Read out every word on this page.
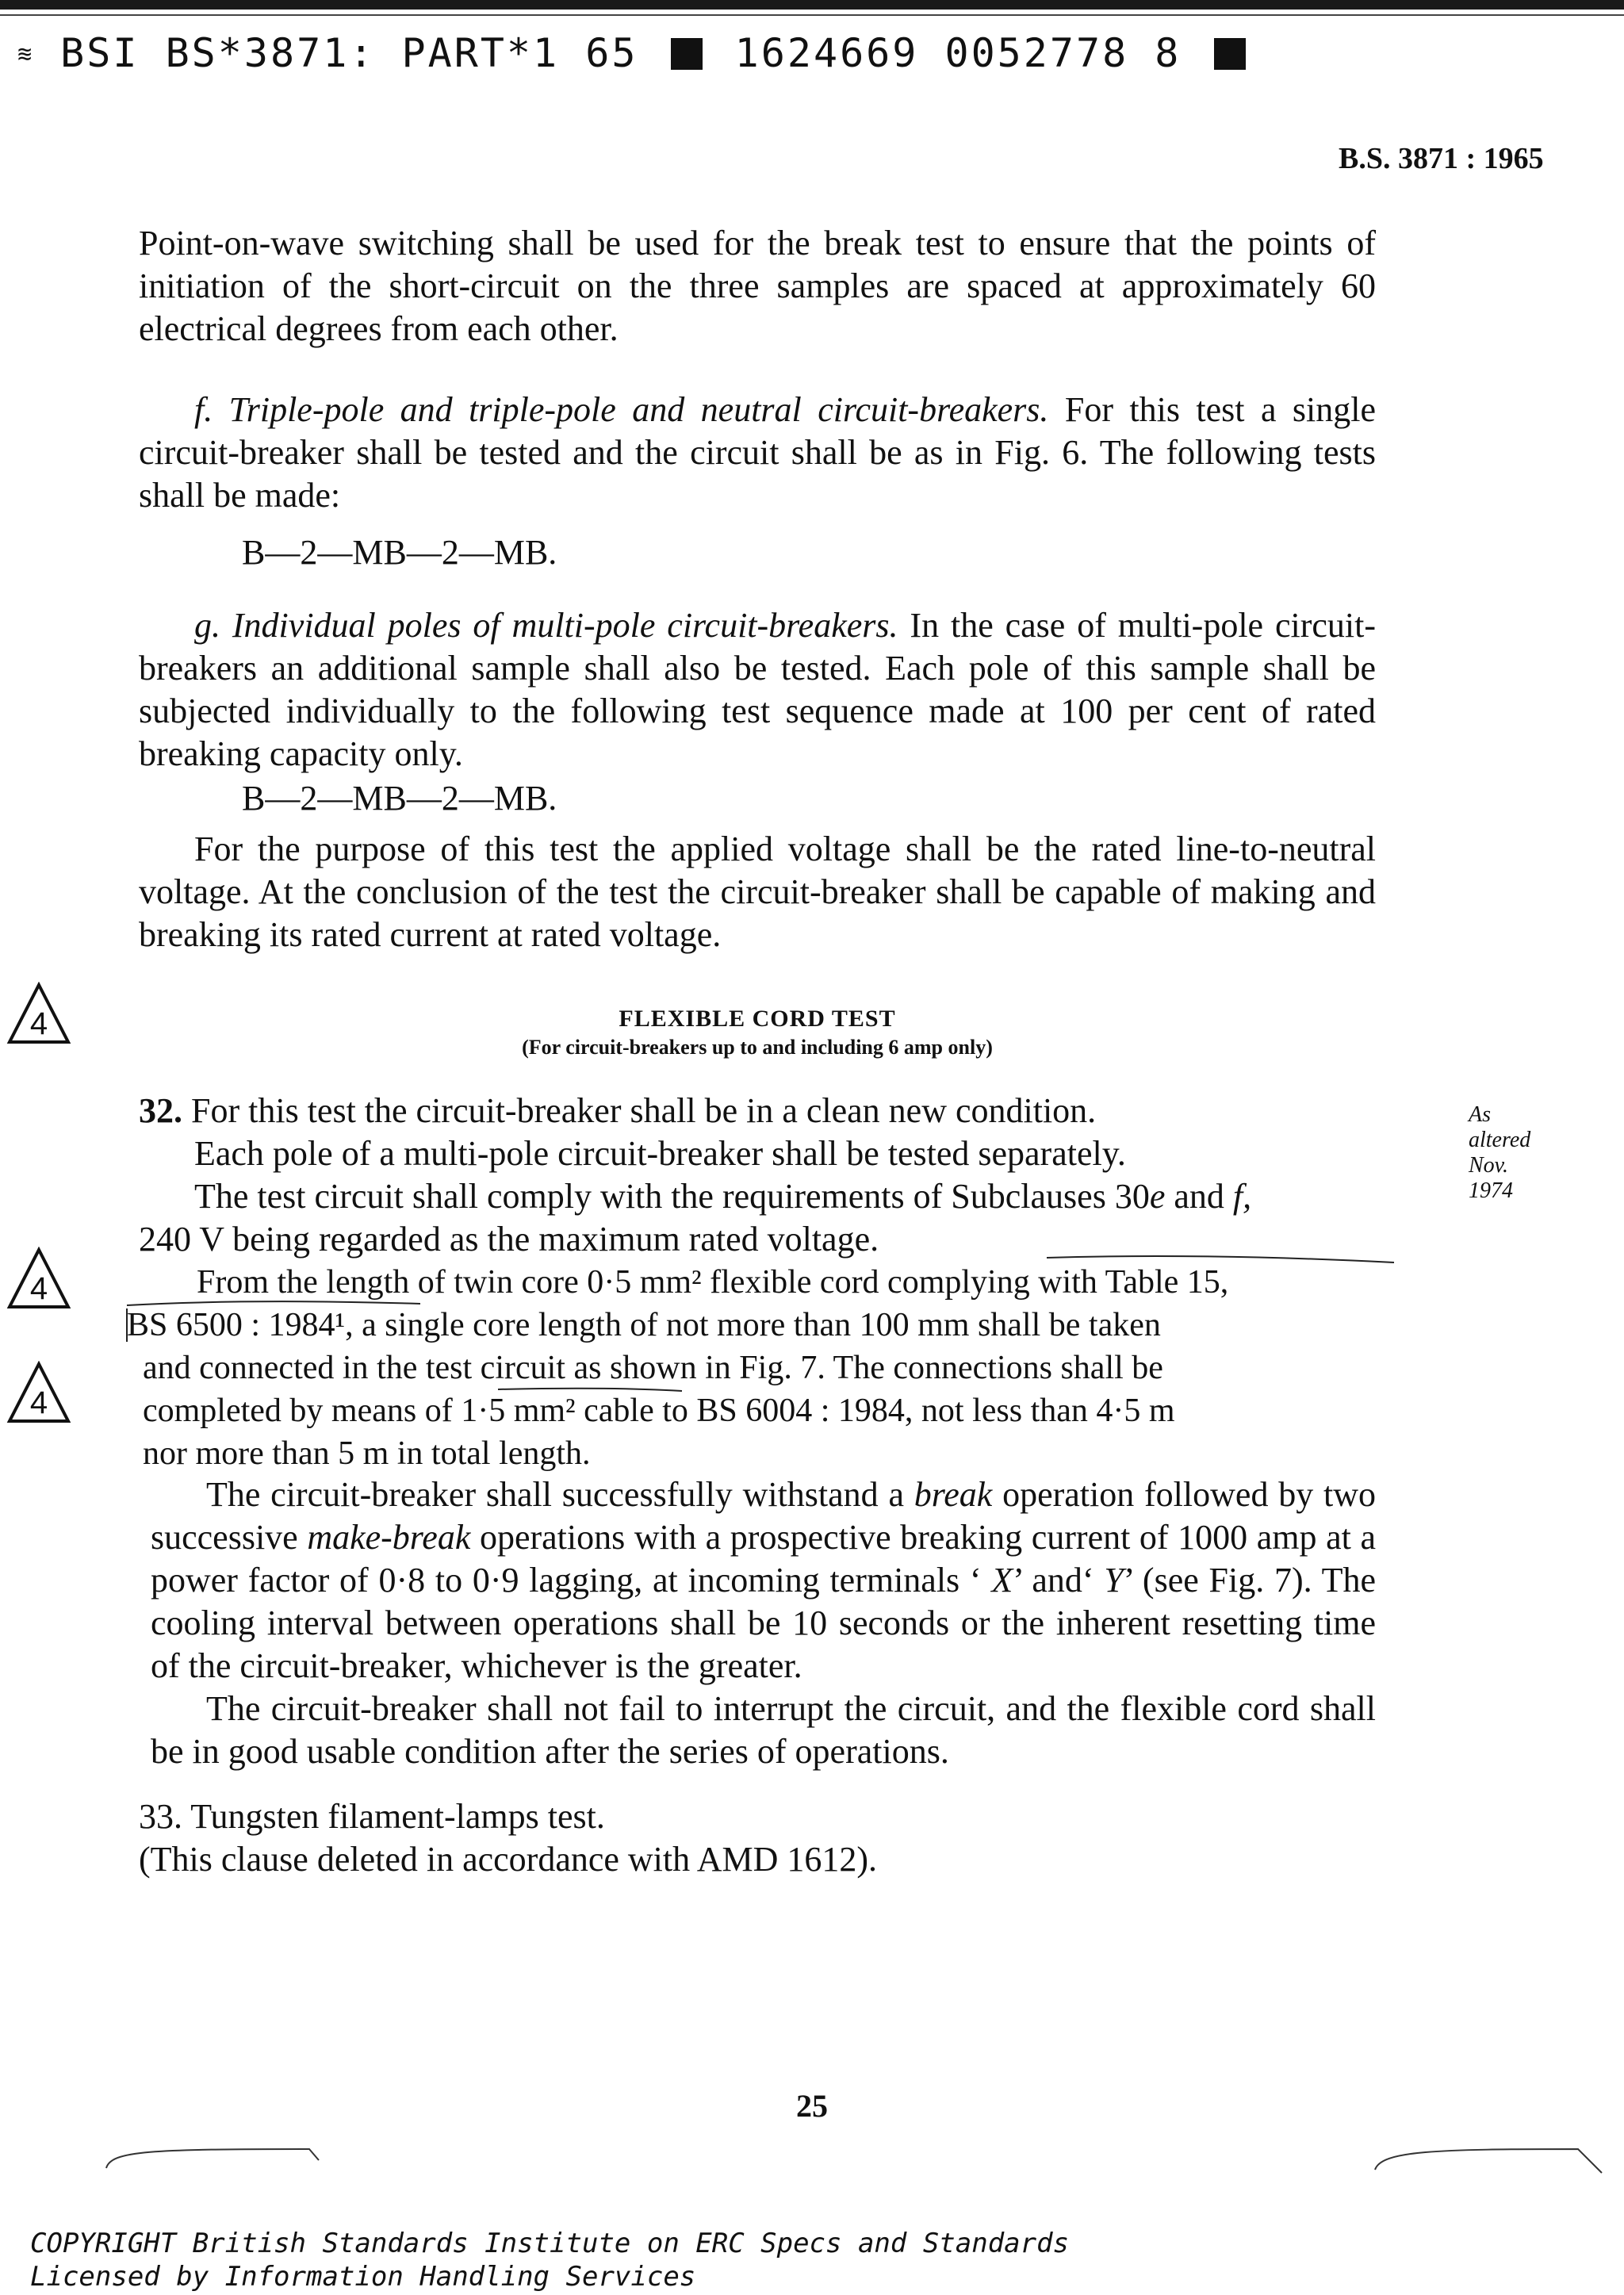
≋ BSI BS*3871: PART*1 65 1624669 0052778 8
B.S. 3871 : 1965

Point-on-wave switching shall be used for the break test to ensure that the points of initiation of the short-circuit on the three samples are spaced at approximately 60 electrical degrees from each other.

f. Triple-pole and triple-pole and neutral circuit-breakers. For this test a single circuit-breaker shall be tested and the circuit shall be as in Fig. 6. The following tests shall be made:

B—2—MB—2—MB.

g. Individual poles of multi-pole circuit-breakers. In the case of multi-pole circuit-breakers an additional sample shall also be tested. Each pole of this sample shall be subjected individually to the following test sequence made at 100 per cent of rated breaking capacity only.

B—2—MB—2—MB.

For the purpose of this test the applied voltage shall be the rated line-to-neutral voltage. At the conclusion of the test the circuit-breaker shall be capable of making and breaking its rated current at rated voltage.

FLEXIBLE CORD TEST
(For circuit-breakers up to and including 6 amp only)
4
4
4
32. For this test the circuit-breaker shall be in a clean new condition.
Each pole of a multi-pole circuit-breaker shall be tested separately.
The test circuit shall comply with the requirements of Subclauses 30e and f,
240 V being regarded as the maximum rated voltage.
From the length of twin core 0·5 mm² flexible cord complying with Table 15,
BS 6500 : 1984¹, a single core length of not more than 100 mm shall be taken
and connected in the test circuit as shown in Fig. 7. The connections shall be
completed by means of 1·5 mm² cable to BS 6004 : 1984, not less than 4·5 m
nor more than 5 m in total length.
As
altered
Nov.
1974

The circuit-breaker shall successfully withstand a break operation followed by two successive make-break operations with a prospective breaking current of 1000 amp at a power factor of 0·8 to 0·9 lagging, at incoming terminals ‘ X’ and‘ Y’ (see Fig. 7). The cooling interval between operations shall be 10 seconds or the inherent resetting time of the circuit-breaker, whichever is the greater.

The circuit-breaker shall not fail to interrupt the circuit, and the flexible cord shall be in good usable condition after the series of operations.

33. Tungsten filament-lamps test.
(This clause deleted in accordance with AMD 1612).
25
COPYRIGHT British Standards Institute on ERC Specs and Standards
Licensed by Information Handling Services
